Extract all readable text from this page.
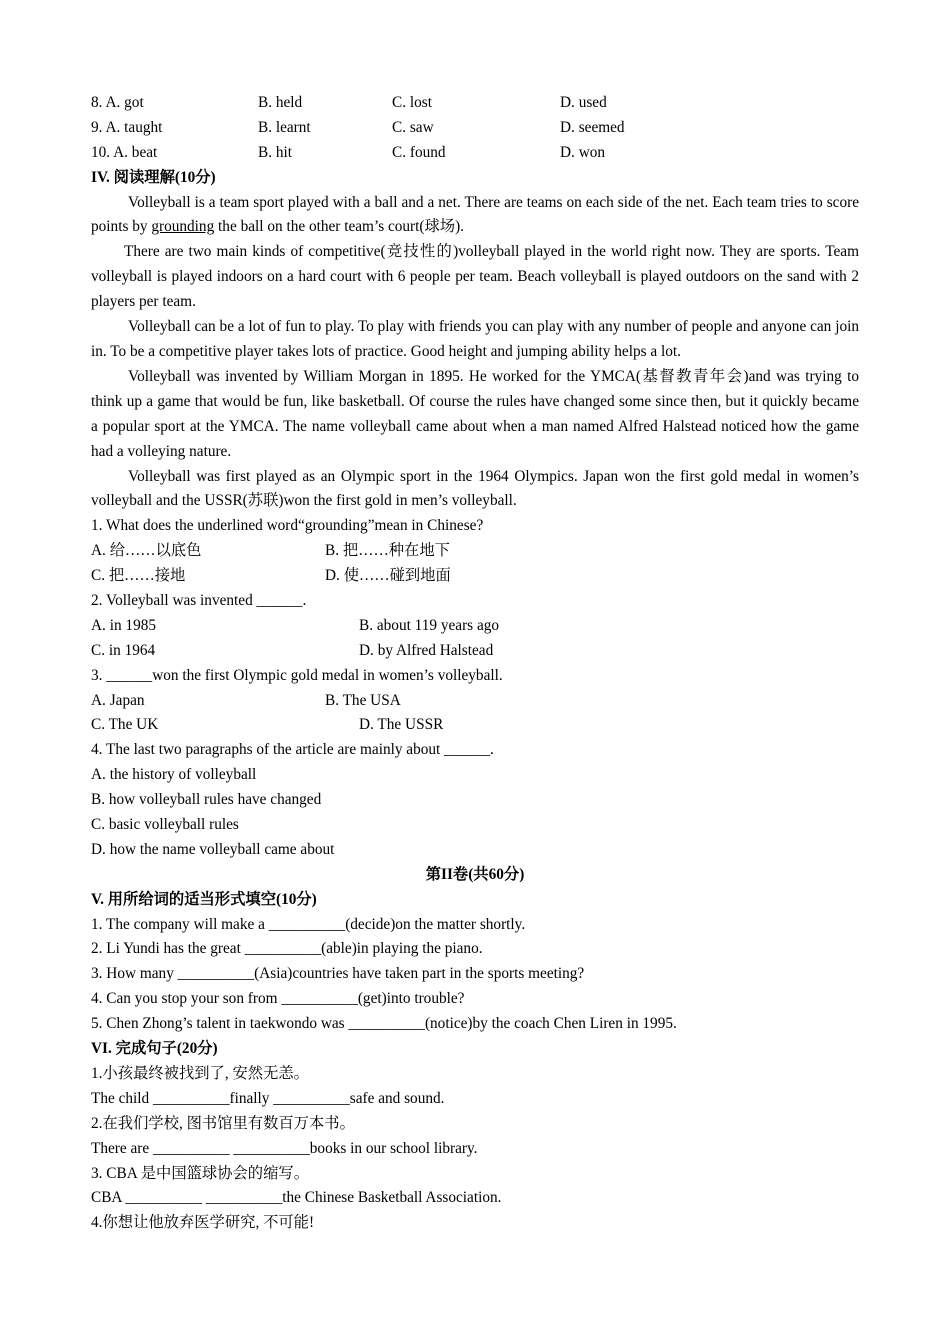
8. A. got	B. held	C. lost	D. used
9. A. taught	B. learnt	C. saw	D. seemed
10. A. beat	B. hit	C. found	D. won
IV. 阅读理解(10分)

Volleyball is a team sport played with a ball and a net. There are teams on each side of the net. Each team tries to score points by grounding the ball on the other team’s court(球场).

There are two main kinds of competitive(竞技性的)volleyball played in the world right now. They are sports. Team volleyball is played indoors on a hard court with 6 people per team. Beach volleyball is played outdoors on the sand with 2 players per team.

Volleyball can be a lot of fun to play. To play with friends you can play with any number of people and anyone can join in. To be a competitive player takes lots of practice. Good height and jumping ability helps a lot.

Volleyball was invented by William Morgan in 1895. He worked for the YMCA(基督教青年会)and was trying to think up a game that would be fun, like basketball. Of course the rules have changed some since then, but it quickly became a popular sport at the YMCA. The name volleyball came about when a man named Alfred Halstead noticed how the game had a volleying nature.

Volleyball was first played as an Olympic sport in the 1964 Olympics. Japan won the first gold medal in women’s volleyball and the USSR(苏联)won the first gold in men’s volleyball.

1. What does the underlined word“grounding”mean in Chinese?
A. 给……以底色	B. 把……种在地下
C. 把……接地	D. 使……碰到地面
2. Volleyball was invented ______.
A. in 1985	B. about 119 years ago
C. in 1964	D. by Alfred Halstead
3. ______won the first Olympic gold medal in women’s volleyball.
A. Japan	B. The USA
C. The UK	D. The USSR
4. The last two paragraphs of the article are mainly about ______.
A. the history of volleyball
B. how volleyball rules have changed
C. basic volleyball rules
D. how the name volleyball came about
第II卷(共60分)
V. 用所给词的适当形式填空(10分)
1. The company will make a __________(decide)on the matter shortly.
2. Li Yundi has the great __________(able)in playing the piano.
3. How many __________(Asia)countries have taken part in the sports meeting?
4. Can you stop your son from __________(get)into trouble?
5. Chen Zhong’s talent in taekwondo was __________(notice)by the coach Chen Liren in 1995.
VI. 完成句子(20分)
1.小孩最终被找到了, 安然无恙。
The child __________finally __________safe and sound.
2.在我们学校, 图书馆里有数百万本书。
There are __________ __________books in our school library.
3. CBA 是中国篮球协会的缩写。
CBA __________ __________the Chinese Basketball Association.
4.你想让他放弃医学研究, 不可能!
